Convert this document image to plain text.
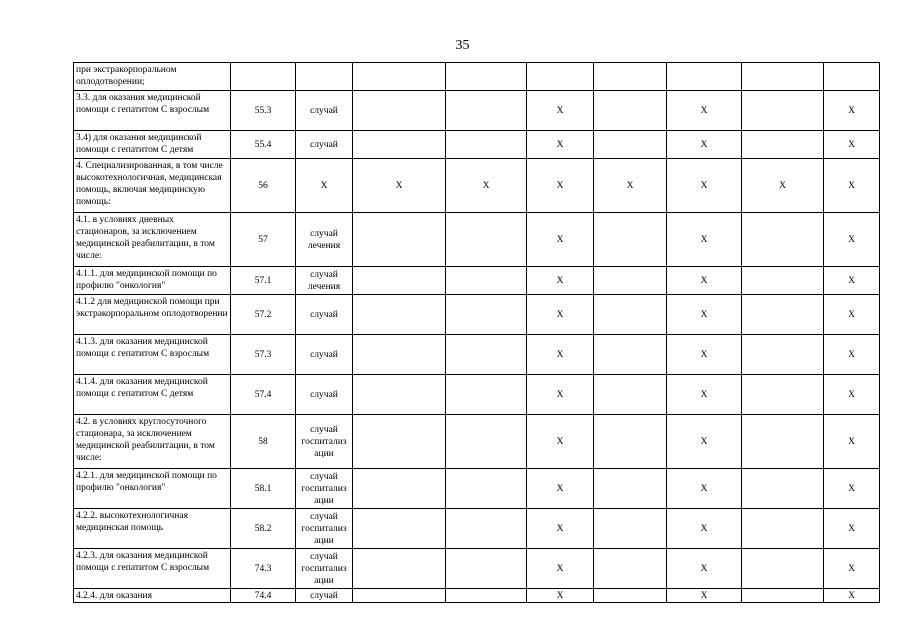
35
при экстракорпоральном оплодотворении;									
3.3. для оказания медицинской помощи с гепатитом С взрослым	55.3	случай			X		X		X
3.4) для оказания медицинской помощи с гепатитом С детям	55.4	случай			X		X		X
4. Специализированная, в том числе высокотехнологичная, медицинская помощь, включая медицинскую помощь:	56	X	X	X	X	X	X	X	X
4.1. в условиях дневных стационаров, за исключением медицинской реабилитации, в том числе:	57	случай лечения			X		X		X
4.1.1. для медицинской помощи по профилю "онкология"	57.1	случай лечения			X		X		X
4.1.2 для медицинской помощи при экстракорпоральном оплодотворении	57.2	случай			X		X		X
4.1.3. для оказания медицинской помощи с гепатитом С взрослым	57.3	случай			X		X		X
4.1.4. для оказания медицинской помощи с гепатитом С детям	57.4	случай			X		X		X
4.2. в условиях круглосуточного стационара, за исключением медицинской реабилитации, в том числе:	58	случай госпитализ ации			X		X		X
4.2.1. для медицинской помощи по профилю "онкология"	58.1	случай госпитализ ации			X		X		X
4.2.2. высокотехнологичная медицинская помощь	58.2	случай госпитализ ации			X		X		X
4.2.3. для оказания медицинской помощи с гепатитом С взрослым	74.3	случай госпитализ ации			X		X		X
4.2.4. для оказания	74.4	случай			X		X		X
